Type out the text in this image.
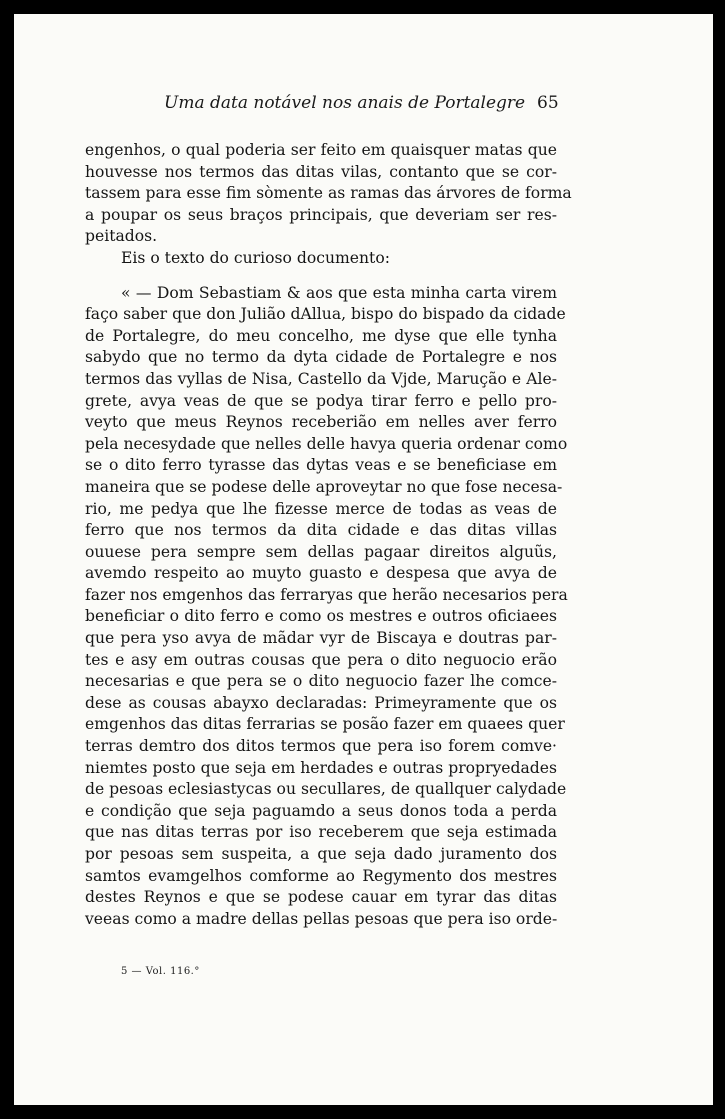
Uma data notável nos anais de Portalegre 65
engenhos, o qual poderia ser feito em quaisquer matas que
houvesse nos termos das ditas vilas, contanto que se cor-
tassem para esse fim sòmente as ramas das árvores de forma
a poupar os seus braços principais, que deveriam ser res-
peitados.
Eis o texto do curioso documento:
« — Dom Sebastiam & aos que esta minha carta virem
faço saber que don Julião dAllua, bispo do bispado da cidade
de Portalegre, do meu concelho, me dyse que elle tynha
sabydo que no termo da dyta cidade de Portalegre e nos
termos das vyllas de Nisa, Castello da Vjde, Marução e Ale-
grete, avya veas de que se podya tirar ferro e pello pro-
veyto que meus Reynos receberião em nelles aver ferro
pela necesydade que nelles delle havya queria ordenar como
se o dito ferro tyrasse das dytas veas e se beneficiase em
maneira que se podese delle aproveytar no que fose necesa-
rio, me pedya que lhe fizesse merce de todas as veas de
ferro que nos termos da dita cidade e das ditas villas
ouuese pera sempre sem dellas pagaar direitos alguũs,
avemdo respeito ao muyto guasto e despesa que avya de
fazer nos emgenhos das ferraryas que herão necesarios pera
beneficiar o dito ferro e como os mestres e outros oficiaees
que pera yso avya de mãdar vyr de Biscaya e doutras par-
tes e asy em outras cousas que pera o dito neguocio erão
necesarias e que pera se o dito neguocio fazer lhe comce-
dese as cousas abayxo declaradas: Primeyramente que os
emgenhos das ditas ferrarias se posão fazer em quaees quer
terras demtro dos ditos termos que pera iso forem comve·
niemtes posto que seja em herdades e outras propryedades
de pesoas eclesiastycas ou secullares, de quallquer calydade
e condição que seja paguamdo a seus donos toda a perda
que nas ditas terras por iso receberem que seja estimada
por pesoas sem suspeita, a que seja dado juramento dos
samtos evamgelhos comforme ao Regymento dos mestres
destes Reynos e que se podese cauar em tyrar das ditas
veeas como a madre dellas pellas pesoas que pera iso orde-
5 — Vol. 116.°
